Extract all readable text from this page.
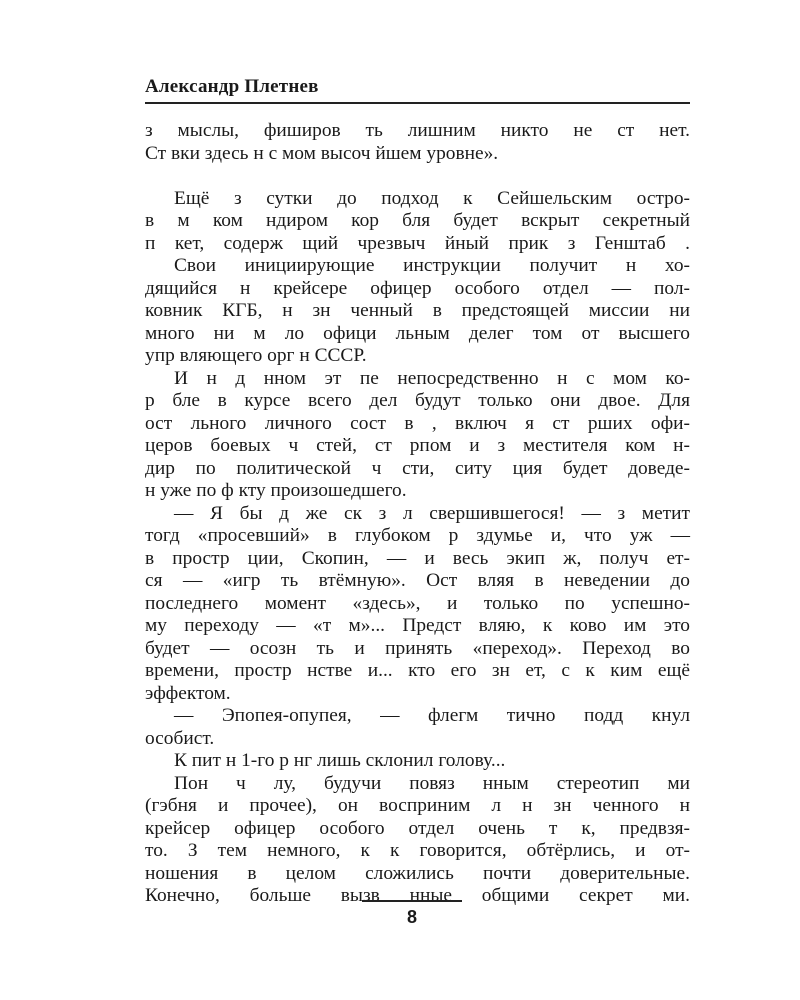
Александр Плетнев
з мыслы, фиширов ть лишним никто не ст нет.
Ст вки здесь н с мом высоч йшем уровне».
Ещё з сутки до подход к Сейшельским остро-
в м ком ндиром кор бля будет вскрыт секретный
п кет, содерж щий чрезвыч йный прик з Генштаб .
Свои инициирующие инструкции получит н хо-
дящийся н крейсере офицер особого отдел — пол-
ковник КГБ, н зн ченный в предстоящей миссии ни
много ни м ло офици льным делег том от высшего
упр вляющего орг н СССР.
И н д нном эт пе непосредственно н с мом ко-
р бле в курсе всего дел будут только они двое. Для
ост льного личного сост в , включ я ст рших офи-
церов боевых ч стей, ст рпом и з местителя ком н-
дир по политической ч сти, ситу ция будет доведе-
н уже по ф кту произошедшего.
— Я бы д же ск з л свершившегося! — з метит
тогд «просевший» в глубоком р здумье и, что уж —
в простр ции, Скопин, — и весь экип ж, получ ет-
ся — «игр ть втёмную». Ост вляя в неведении до
последнего момент «здесь», и только по успешно-
му переходу — «т м»... Предст вляю, к ково им это
будет — осозн ть и принять «переход». Переход во
времени, простр нстве и... кто его зн ет, с к ким ещё
эффектом.
— Эпопея-опупея, — флегм тично подд кнул
особист.
К пит н 1-го р нг лишь склонил голову...
Пон ч лу, будучи повяз нным стереотип ми
(гэбня и прочее), он восприним л н зн ченного н
крейсер офицер особого отдел очень т к, предвзя-
то. З тем немного, к к говорится, обтёрлись, и от-
ношения в целом сложились почти доверительные.
Конечно, больше вызв нные общими секрет ми.
8
